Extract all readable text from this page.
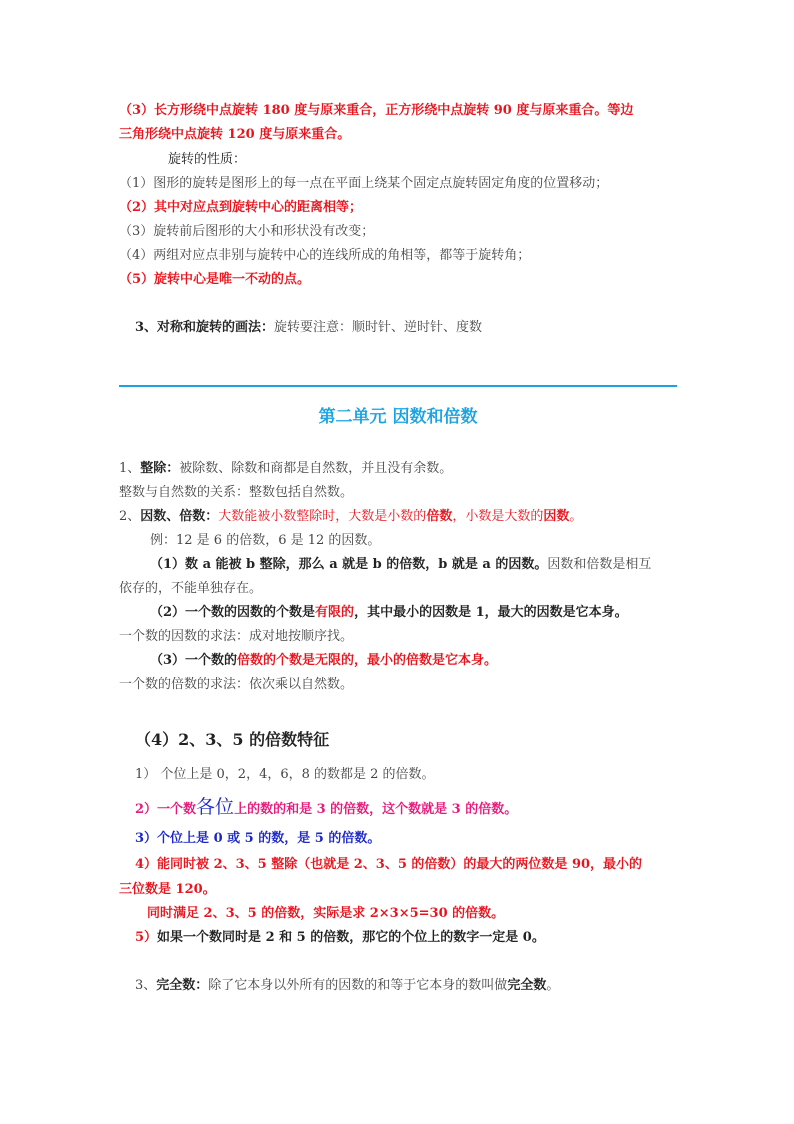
（3）长方形绕中点旋转 180 度与原来重合，正方形绕中点旋转 90 度与原来重合。等边
三角形绕中点旋转 120 度与原来重合。
旋转的性质：
（1）图形的旋转是图形上的每一点在平面上绕某个固定点旋转固定角度的位置移动；
（2）其中对应点到旋转中心的距离相等；
（3）旋转前后图形的大小和形状没有改变；
（4）两组对应点非别与旋转中心的连线所成的角相等，都等于旋转角；
（5）旋转中心是唯一不动的点。
3、对称和旋转的画法：旋转要注意：顺时针、逆时针、度数
第二单元 因数和倍数
1、整除：被除数、除数和商都是自然数，并且没有余数。
整数与自然数的关系：整数包括自然数。
2、因数、倍数：大数能被小数整除时，大数是小数的倍数，小数是大数的因数。
例：12 是 6 的倍数，6 是 12 的因数。
（1）数 a 能被 b 整除，那么 a 就是 b 的倍数，b 就是 a 的因数。因数和倍数是相互
依存的，不能单独存在。
（2）一个数的因数的个数是有限的，其中最小的因数是 1，最大的因数是它本身。
一个数的因数的求法：成对地按顺序找。
（3）一个数的倍数的个数是无限的，最小的倍数是它本身。
一个数的倍数的求法：依次乘以自然数。
（4）2、3、5 的倍数特征
1） 个位上是 0，2，4，6，8 的数都是 2 的倍数。
2）一个数各位上的数的和是 3 的倍数，这个数就是 3 的倍数。
3）个位上是 0 或 5 的数，是 5 的倍数。
4）能同时被 2、3、5 整除（也就是 2、3、5 的倍数）的最大的两位数是 90，最小的
三位数是 120。
同时满足 2、3、5 的倍数，实际是求 2×3×5=30 的倍数。
5）如果一个数同时是 2 和 5 的倍数，那它的个位上的数字一定是 0。
3、完全数：除了它本身以外所有的因数的和等于它本身的数叫做完全数。
